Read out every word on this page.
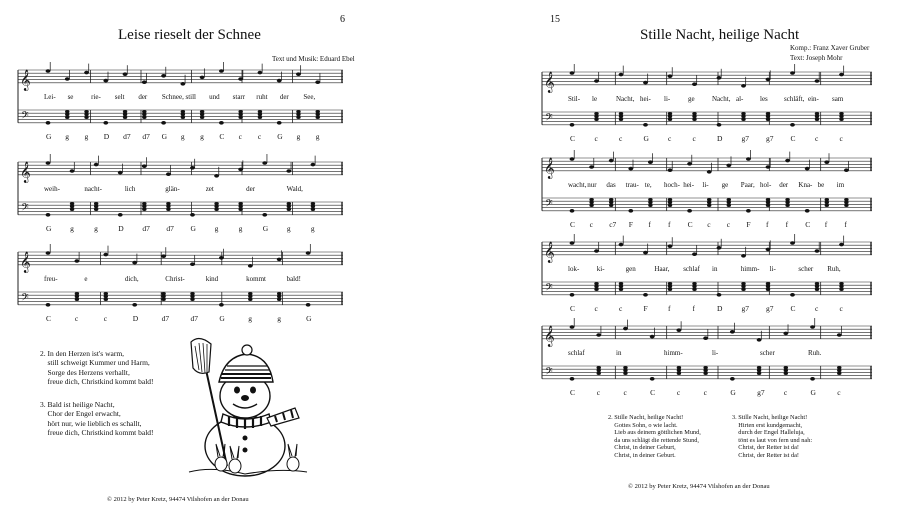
6
Leise rieselt der Schnee
Text und Musik: Eduard Ebel
𝄞
𝄢
Lei- se	rie- selt der Schnee, still und starr ruht der See,
G g g D d7 d7 G g g C c c G g g
𝄞
𝄢
weih-	nacht-	lich	glän-	zet	der	Wald,
G g	g	D d7 d7 G g	g	G g	g
𝄞
𝄢
freu-	e	dich,	Christ-	kind	kommt	bald!
C	c	c	D	d7	d7	G	g	g	G
2. In den Herzen ist's warm,
still schweigt Kummer und Harm,
Sorge des Herzens verhallt,
freue dich, Christkind kommt bald!
3. Bald ist heilige Nacht,
Chor der Engel erwacht,
hört nur, wie lieblich es schallt,
freue dich, Christkind kommt bald!
© 2012 by Peter Kretz, 94474 Vilshofen an der Donau
15
Stille Nacht, heilige Nacht
Komp.: Franz Xaver Gruber
Text: Joseph Mohr
𝄞
𝄢
Stil- le	Nacht, hei- li-	ge Nacht, al- les schläft, ein- sam
C	c	c	G	c	c	D	g7 g7 C	c	c
𝄞
𝄢
wacht, nur das trau- te, hoch- hei- li- ge Paar, hol- der Kna- be im
C c c7 F f f C c c F f f C f f
𝄞
𝄢
lok-	ki-	gen	Haar, schlaf in	himm- li-	scher Ruh,
C	c	c	F	f	f	D	g7 g7 C	c	c
𝄞
𝄢
schlaf	in	himm-	li-	scher	Ruh.
C	c	c	C	c	c	G	g7	c	G	c
2. Stille Nacht, heilige Nacht!
Gottes Sohn, o wie lacht.
Lieb aus deinem göttlichen Mund,
da uns schlägt die rettende Stund,
Christ, in deiner Geburt,
Christ, in deiner Geburt.
3. Stille Nacht, heilige Nacht!
Hirten erst kundgemacht,
durch der Engel Halleluja,
tönt es laut von fern und nah:
Christ, der Retter ist da!
Christ, der Retter ist da!
© 2012 by Peter Kretz, 94474 Vilshofen an der Donau
